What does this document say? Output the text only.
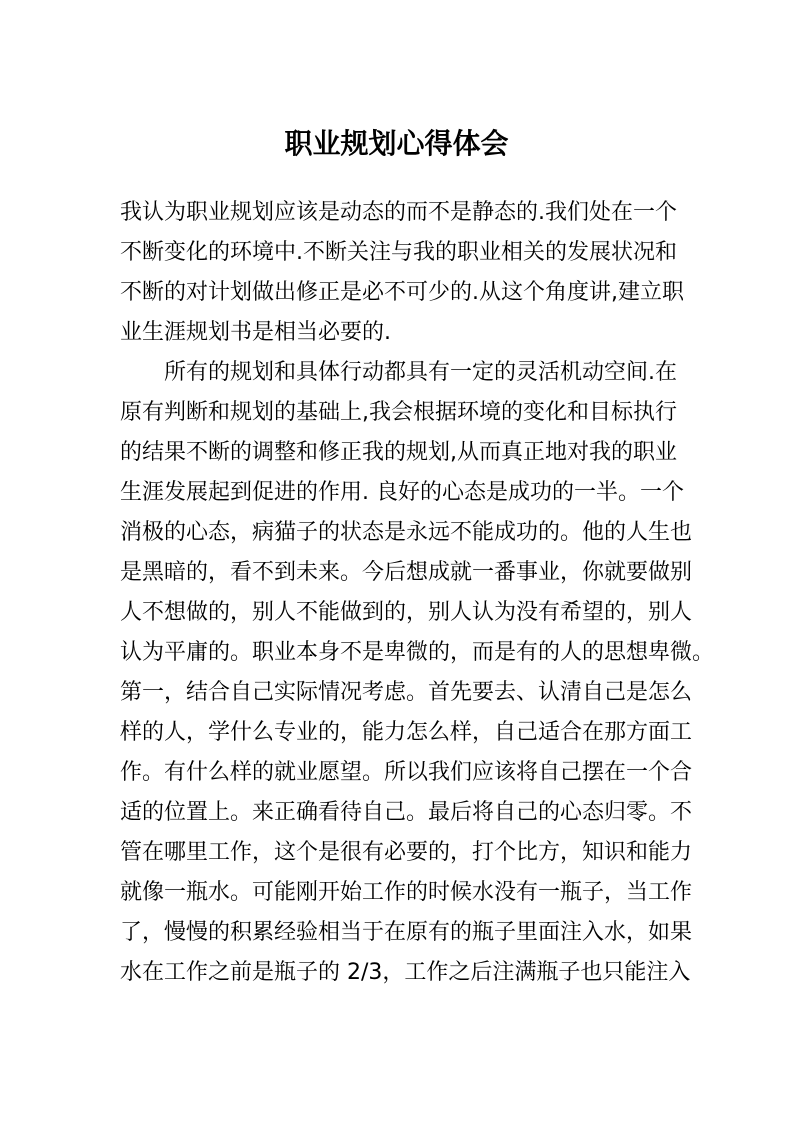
职业规划心得体会
我认为职业规划应该是动态的而不是静态的.我们处在一个
不断变化的环境中.不断关注与我的职业相关的发展状况和
不断的对计划做出修正是必不可少的.从这个角度讲,建立职
业生涯规划书是相当必要的.
所有的规划和具体行动都具有一定的灵活机动空间.在
原有判断和规划的基础上,我会根据环境的变化和目标执行
的结果不断的调整和修正我的规划,从而真正地对我的职业
生涯发展起到促进的作用. 良好的心态是成功的一半。一个
消极的心态，病猫子的状态是永远不能成功的。他的人生也
是黑暗的，看不到未来。今后想成就一番事业，你就要做别
人不想做的，别人不能做到的，别人认为没有希望的，别人
认为平庸的。职业本身不是卑微的，而是有的人的思想卑微。
第一，结合自己实际情况考虑。首先要去、认清自己是怎么
样的人，学什么专业的，能力怎么样，自己适合在那方面工
作。有什么样的就业愿望。所以我们应该将自己摆在一个合
适的位置上。来正确看待自己。最后将自己的心态归零。不
管在哪里工作，这个是很有必要的，打个比方，知识和能力
就像一瓶水。可能刚开始工作的时候水没有一瓶子，当工作
了，慢慢的积累经验相当于在原有的瓶子里面注入水，如果
水在工作之前是瓶子的 2/3，工作之后注满瓶子也只能注入
